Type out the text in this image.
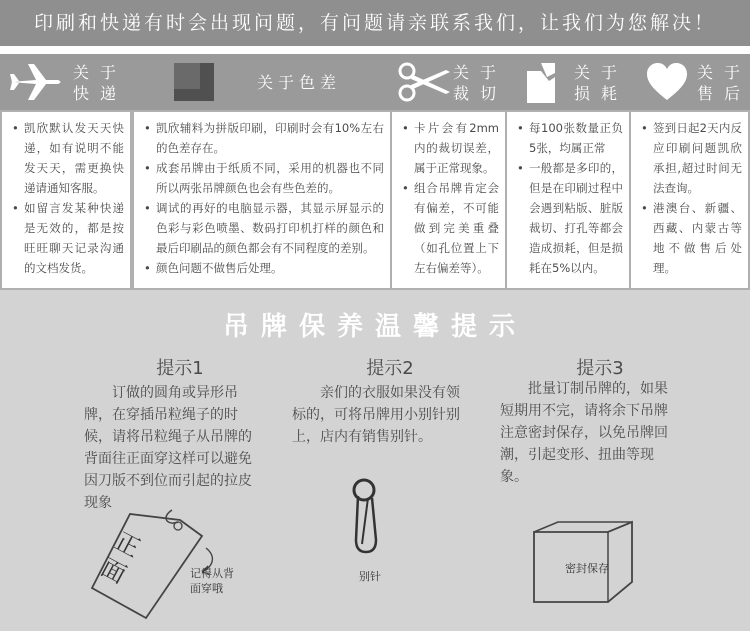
印刷和快递有时会出现问题，有问题请亲联系我们，让我们为您解决！
关 于
快 递
关于色差
关 于
裁 切
关 于
损 耗
关 于
售 后
• 凯欣默认发天天快递，如有说明不能发天天，需更换快递请通知客服。
• 如留言发某种快递是无效的，都是按旺旺聊天记录沟通的文档发货。
• 凯欣辅料为拼版印刷，印刷时会有10%左右的色差存在。
• 成套吊牌由于纸质不同，采用的机器也不同所以两张吊牌颜色也会有些色差的。
• 调试的再好的电脑显示器，其显示屏显示的色彩与彩色喷墨、数码打印机打样的颜色和最后印刷品的颜色都会有不同程度的差别。
• 颜色问题不做售后处理。
• 卡片会有2mm内的裁切误差，属于正常现象。
• 组合吊牌肯定会有偏差，不可能做到完美重叠（如孔位置上下左右偏差等）。
• 每100张数量正负5张，均属正常
• 一般都是多印的，但是在印刷过程中会遇到粘版、脏版裁切、打孔等都会造成损耗，但是损耗在5%以内。
• 签到日起2天内反应印刷问题凯欣承担,超过时间无法查询。
• 港澳台、新疆、西藏、内蒙古等地不做售后处理。
吊牌保养温馨提示
提示1
订做的圆角或异形吊牌，在穿插吊粒绳子的时候，请将吊粒绳子从吊牌的背面往正面穿这样可以避免因刀版不到位而引起的拉皮现象
提示2
亲们的衣服如果没有领标的，可将吊牌用小别针别上，店内有销售别针。
提示3
批量订制吊牌的，如果短期用不完，请将余下吊牌注意密封保存，以免吊牌回潮，引起变形、扭曲等现象。
正面	记得从背面穿哦
别针
密封保存
